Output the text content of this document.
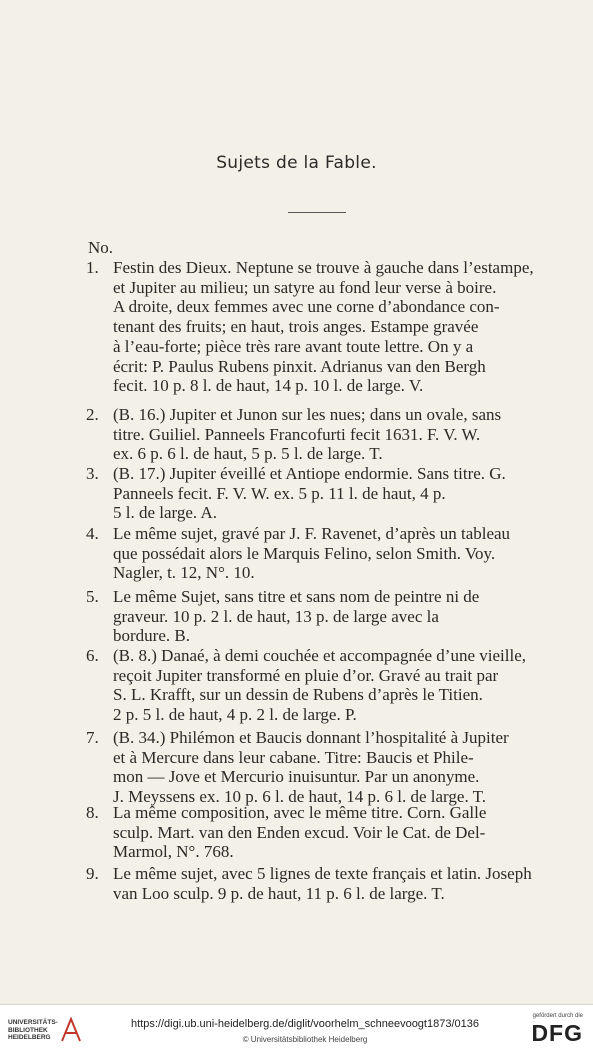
Sujets de la Fable.
No.
1. Festin des Dieux. Neptune se trouve à gauche dans l’estampe,
et Jupiter au milieu; un satyre au fond leur verse à boire.
A droite, deux femmes avec une corne d’abondance con-
tenant des fruits; en haut, trois anges. Estampe gravée
à l’eau-forte; pièce très rare avant toute lettre. On y a
écrit: P. Paulus Rubens pinxit. Adrianus van den Bergh
fecit. 10 p. 8 l. de haut, 14 p. 10 l. de large. V.
2. (B. 16.) Jupiter et Junon sur les nues; dans un ovale, sans
titre. Guiliel. Panneels Francofurti fecit 1631. F. V. W.
ex. 6 p. 6 l. de haut, 5 p. 5 l. de large. T.
3. (B. 17.) Jupiter éveillé et Antiope endormie. Sans titre. G.
Panneels fecit. F. V. W. ex. 5 p. 11 l. de haut, 4 p.
5 l. de large. A.
4. Le même sujet, gravé par J. F. Ravenet, d’après un tableau
que possédait alors le Marquis Felino, selon Smith. Voy.
Nagler, t. 12, N°. 10.
5. Le même Sujet, sans titre et sans nom de peintre ni de
graveur. 10 p. 2 l. de haut, 13 p. de large avec la
bordure. B.
6. (B. 8.) Danaé, à demi couchée et accompagnée d’une vieille,
reçoit Jupiter transformé en pluie d’or. Gravé au trait par
S. L. Krafft, sur un dessin de Rubens d’après le Titien.
2 p. 5 l. de haut, 4 p. 2 l. de large. P.
7. (B. 34.) Philémon et Baucis donnant l’hospitalité à Jupiter
et à Mercure dans leur cabane. Titre: Baucis et Phile-
mon — Jove et Mercurio inuisuntur. Par un anonyme.
J. Meyssens ex. 10 p. 6 l. de haut, 14 p. 6 l. de large. T.
8. La même composition, avec le même titre. Corn. Galle
sculp. Mart. van den Enden excud. Voir le Cat. de Del-
Marmol, N°. 768.
9. Le même sujet, avec 5 lignes de texte français et latin. Joseph
van Loo sculp. 9 p. de haut, 11 p. 6 l. de large. T.
UNIVERSITÄTS-
BIBLIOTHEK
HEIDELBERG
https://digi.ub.uni-heidelberg.de/diglit/voorhelm_schneevoogt1873/0136
© Universitätsbibliothek Heidelberg
gefördert durch die
DFG
